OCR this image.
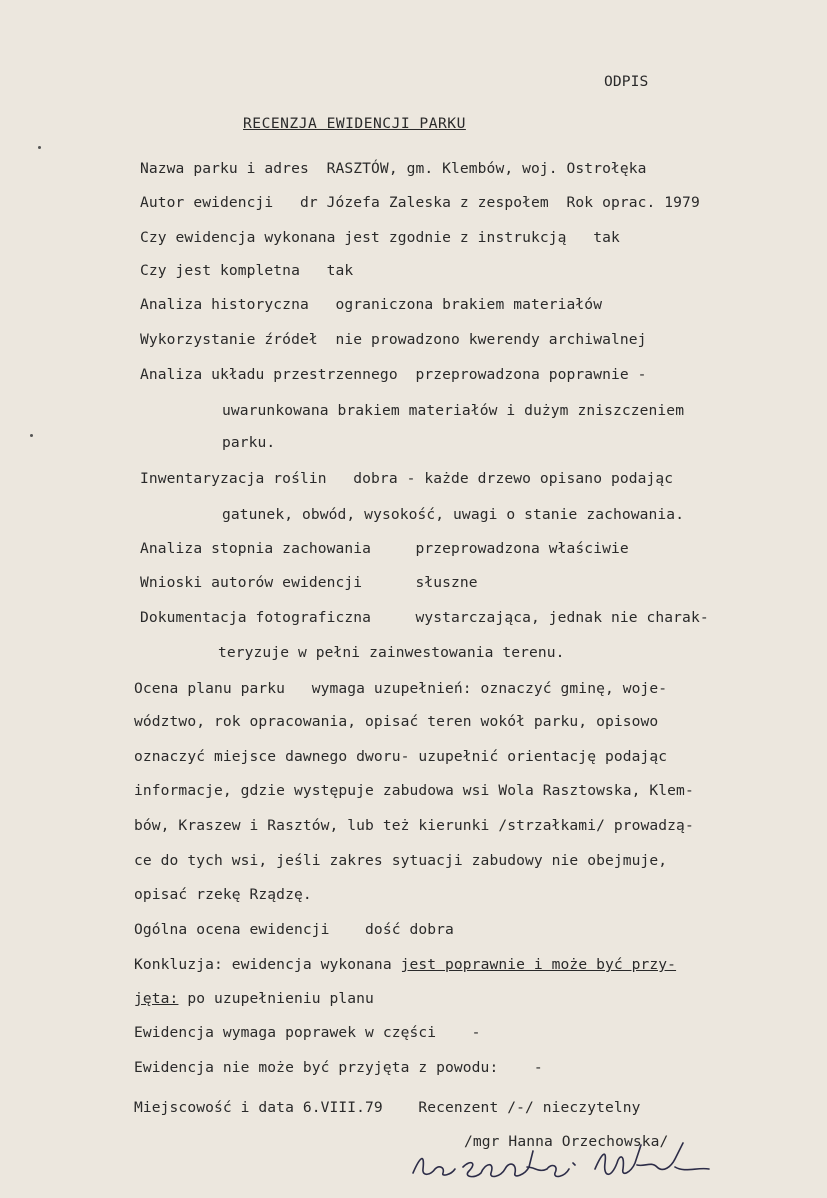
ODPIS

RECENZJA EWIDENCJI PARKU

Nazwa parku i adres  RASZTÓW, gm. Klembów, woj. Ostrołęka

Autor ewidencji   dr Józefa Zaleska z zespołem  Rok oprac. 1979

Czy ewidencja wykonana jest zgodnie z instrukcją   tak

Czy jest kompletna   tak

Analiza historyczna   ograniczona brakiem materiałów

Wykorzystanie źródeł  nie prowadzono kwerendy archiwalnej

Analiza układu przestrzennego  przeprowadzona poprawnie -

uwarunkowana brakiem materiałów i dużym zniszczeniem

parku.

Inwentaryzacja roślin   dobra - każde drzewo opisano podając

gatunek, obwód, wysokość, uwagi o stanie zachowania.

Analiza stopnia zachowania     przeprowadzona właściwie

Wnioski autorów ewidencji      słuszne

Dokumentacja fotograficzna     wystarczająca, jednak nie charak-

teryzuje w pełni zainwestowania terenu.

Ocena planu parku   wymaga uzupełnień: oznaczyć gminę, woje-

wództwo, rok opracowania, opisać teren wokół parku, opisowo

oznaczyć miejsce dawnego dworu- uzupełnić orientację podając

informacje, gdzie występuje zabudowa wsi Wola Rasztowska, Klem-

bów, Kraszew i Rasztów, lub też kierunki /strzałkami/ prowadzą-

ce do tych wsi, jeśli zakres sytuacji zabudowy nie obejmuje,

opisać rzekę Rządzę.

Ogólna ocena ewidencji    dość dobra

Konkluzja: ewidencja wykonana jest poprawnie i może być przy-

jęta: po uzupełnieniu planu

Ewidencja wymaga poprawek w części    -

Ewidencja nie może być przyjęta z powodu:    -

Miejscowość i data 6.VIII.79    Recenzent /-/ nieczytelny

/mgr Hanna Orzechowska/
